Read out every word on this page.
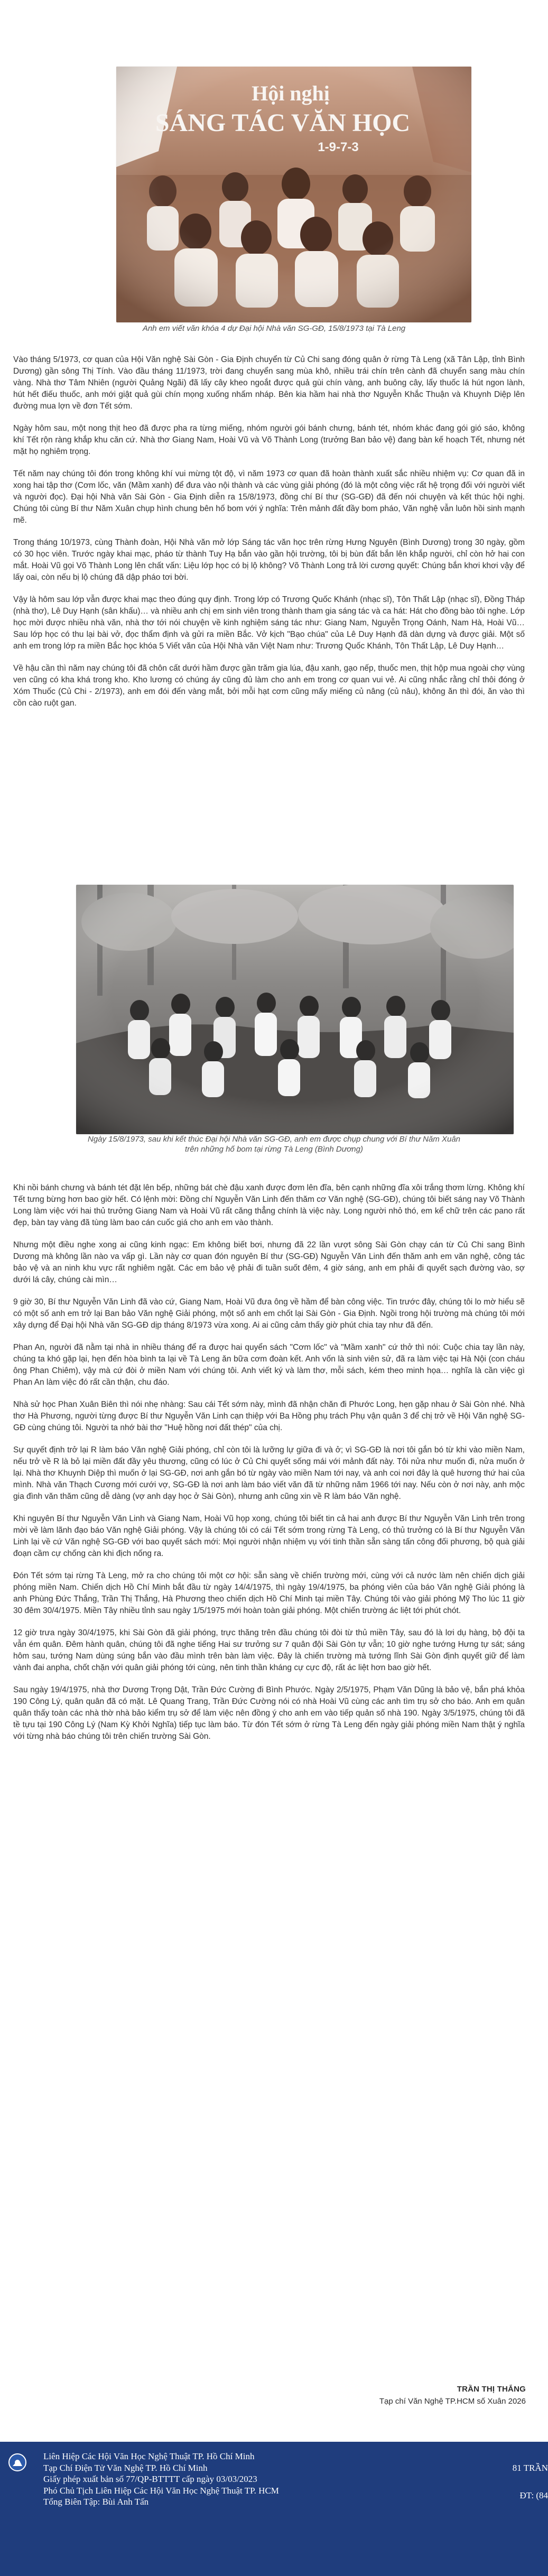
Anh em viết văn khóa 4 dự Đại hội Nhà văn SG-GĐ, 15/8/1973 tại Tà Leng

Vào tháng 5/1973, cơ quan của Hội Văn nghệ Sài Gòn - Gia Định chuyển từ Củ Chi sang đóng quân ở rừng Tà Leng (xã Tân Lập, tỉnh Bình Dương) gần sông Thị Tính. Vào đầu tháng 11/1973, trời đang chuyển sang mùa khô, nhiều trái chín trên cành đã chuyển sang màu chín vàng. Nhà thơ Tâm Nhiên (người Quảng Ngãi) đã lấy cây kheo ngoắt được quả gùi chín vàng, anh buông cây, lấy thuốc lá hút ngon lành, hút hết điếu thuốc, anh mới giật quả gùi chín mọng xuống nhấm nháp. Bên kia hầm hai nhà thơ Nguyễn Khắc Thuận và Khuynh Diệp lên đường mua lợn về đơn Tết sớm.

Ngày hôm sau, một nong thịt heo đã được pha ra từng miếng, nhóm người gói bánh chưng, bánh tét, nhóm khác đang gói gió sáo, không khí Tết rộn ràng khắp khu căn cứ. Nhà thơ Giang Nam, Hoài Vũ và Võ Thành Long (trưởng Ban bảo vệ) đang bàn kế hoạch Tết, nhưng nét mặt họ nghiêm trọng.

Tết năm nay chúng tôi đón trong không khí vui mừng tột độ, vì năm 1973 cơ quan đã hoàn thành xuất sắc nhiều nhiệm vụ: Cơ quan đã in xong hai tập thơ (Cơm lốc, văn (Mầm xanh) để đưa vào nội thành và các vùng giải phóng (đó là một công việc rất hệ trọng đối với người viết và người đọc). Đại hội Nhà văn Sài Gòn - Gia Định diễn ra 15/8/1973, đồng chí Bí thư (SG-GĐ) đã đến nói chuyện và kết thúc hội nghị. Chúng tôi cùng Bí thư Năm Xuân chụp hình chung bên hố bom với ý nghĩa: Trên mảnh đất đầy bom pháo, Văn nghệ vẫn luôn hồi sinh mạnh mẽ.

Trong tháng 10/1973, cùng Thành đoàn, Hội Nhà văn mở lớp Sáng tác văn học trên rừng Hưng Nguyên (Bình Dương) trong 30 ngày, gồm có 30 học viên. Trước ngày khai mạc, pháo từ thành Tuy Hạ bắn vào gần hội trường, tôi bị bùn đất bắn lên khắp người, chỉ còn hở hai con mắt. Hoài Vũ gọi Võ Thành Long lên chất vấn: Liệu lớp học có bị lộ không? Võ Thành Long trả lời cương quyết: Chúng bắn khơi khơi vậy để lấy oai, còn nếu bị lộ chúng đã dập pháo tơi bời.

Vậy là hôm sau lớp vẫn được khai mạc theo đúng quy định. Trong lớp có Trương Quốc Khánh (nhạc sĩ), Tôn Thất Lập (nhạc sĩ), Đồng Tháp (nhà thơ), Lê Duy Hạnh (sân khấu)… và nhiều anh chị em sinh viên trong thành tham gia sáng tác và ca hát: Hát cho đồng bào tôi nghe. Lớp học mời được nhiều nhà văn, nhà thơ tới nói chuyện về kinh nghiệm sáng tác như: Giang Nam, Nguyễn Trọng Oánh, Nam Hà, Hoài Vũ… Sau lớp học có thu lại bài vở, đọc thẩm định và gửi ra miền Bắc. Vở kịch "Bạo chúa" của Lê Duy Hạnh đã dàn dựng và được giải. Một số anh em trong lớp ra miền Bắc học khóa 5 Viết văn của Hội Nhà văn Việt Nam như: Trương Quốc Khánh, Tôn Thất Lập, Lê Duy Hạnh…

Về hậu cần thì năm nay chúng tôi đã chôn cất dưới hầm được gần trăm gia lúa, đậu xanh, gạo nếp, thuốc men, thịt hộp mua ngoài chợ vùng ven cũng có kha khá trong kho. Kho lương có chúng áy cũng đủ làm cho anh em trong cơ quan vui vẻ. Ai cũng nhắc rằng chỉ thôi đóng ở Xóm Thuốc (Củ Chi - 2/1973), anh em đói đến vàng mắt, bởi mỗi hạt cơm cũng mấy miếng củ nâng (củ nâu), không ăn thì đói, ăn vào thì cồn cào ruột gan.

Ngày 15/8/1973, sau khi kết thúc Đại hội Nhà văn SG-GĐ, anh em được chụp chung với Bí thư Năm Xuân
trên những hố bom tại rừng Tà Leng (Bình Dương)

Khi nồi bánh chưng và bánh tét đặt lên bếp, những bát chè đậu xanh được đơm lên đĩa, bên cạnh những đĩa xôi trắng thơm lừng. Không khí Tết tưng bừng hơn bao giờ hết. Có lệnh mời: Đồng chí Nguyễn Văn Linh đến thăm cơ Văn nghệ (SG-GĐ), chúng tôi biết sáng nay Võ Thành Long làm việc với hai thủ trưởng Giang Nam và Hoài Vũ rất căng thẳng chính là việc này. Long người nhỏ thó, em kể chữ trên các pano rất đẹp, bàn tay vàng đã tùng làm bao cán cuốc giá cho anh em vào thành.

Nhưng một điều nghe xong ai cũng kinh ngạc: Em không biết bơi, nhưng đã 22 lần vượt sông Sài Gòn chạy cán từ Củ Chi sang Bình Dương mà không lần nào va vấp gì. Lần này cơ quan đón nguyên Bí thư (SG-GĐ) Nguyễn Văn Linh đến thăm anh em văn nghệ, công tác bảo vệ và an ninh khu vực rất nghiêm ngặt. Các em bảo vệ phải đi tuần suốt đêm, 4 giờ sáng, anh em phải đi quyết sạch đường vào, sợ dưới lá cây, chúng cài mìn…

9 giờ 30, Bí thư Nguyễn Văn Linh đã vào cứ, Giang Nam, Hoài Vũ đưa ông về hầm để bàn công việc. Tin trước đây, chúng tôi lo mờ hiểu sẽ có một số anh em trở lại Ban bảo Văn nghệ Giải phóng, một số anh em chốt lại Sài Gòn - Gia Định. Ngồi trong hội trường mà chúng tôi mới xây dựng để Đại hội Nhà văn SG-GĐ dịp tháng 8/1973 vừa xong. Ai ai cũng cảm thấy giờ phút chia tay như đã đến.

Phan An, người đã nằm tại nhà in nhiều tháng để ra được hai quyển sách "Cơm lốc" và "Mầm xanh" cứ thở thì nói: Cuộc chia tay lần này, chúng ta khó gặp lại, hẹn đến hòa bình ta lại về Tà Leng ăn bữa cơm đoàn kết. Anh vốn là sinh viên sử, đã ra làm việc tại Hà Nội (con cháu ông Phan Chiêm), vậy mà cứ đòi ở miền Nam với chúng tôi. Anh viết ký và làm thơ, mỗi sách, kém theo minh họa… nghĩa là cần việc gì Phan An làm việc đó rất cần thận, chu đáo.

Nhà sử học Phan Xuân Biên thì nói nhẹ nhàng: Sau cái Tết sớm này, mình đã nhận chăn đi Phước Long, hẹn gặp nhau ở Sài Gòn nhé. Nhà thơ Hà Phương, người từng được Bí thư Nguyễn Văn Linh cạn thiệp với Ba Hồng phụ trách Phụ vận quân 3 để chị trở về Hội Văn nghệ SG-GĐ cùng chúng tôi. Người ta nhớ bài thơ "Huệ hồng nơi đất thép" của chị.

Sự quyết định trở lại R làm báo Văn nghệ Giải phóng, chỉ còn tôi là lưỡng lự giữa đi và ở; vì SG-GĐ là nơi tôi gắn bó từ khi vào miền Nam, nếu trở về R là bỏ lại miền đất đầy yêu thương, cũng có lúc ở Củ Chi quyết sống mái với mảnh đất này. Tôi nửa như muốn đi, nửa muốn ở lại. Nhà thơ Khuynh Diệp thì muốn ở lại SG-GĐ, nơi anh gắn bó từ ngày vào miền Nam tới nay, và anh coi nơi đây là quê hương thứ hai của mình. Nhà văn Thạch Cương mới cưới vợ, SG-GĐ là nơi anh làm báo viết văn đã từ những năm 1966 tới nay. Nếu còn ở nơi này, anh mộc gia đình văn thăm cũng dễ dàng (vợ anh dạy học ở Sài Gòn), nhưng anh cũng xin về R làm báo Văn nghệ.

Khi nguyên Bí thư Nguyễn Văn Linh và Giang Nam, Hoài Vũ họp xong, chúng tôi biết tin cả hai anh được Bí thư Nguyễn Văn Linh trên trong mời về làm lãnh đạo báo Văn nghệ Giải phóng. Vậy là chúng tôi có cái Tết sớm trong rừng Tà Leng, có thủ trưởng có là Bí thư Nguyễn Văn Linh lại về cứ Văn nghệ SG-GĐ với bao quyết sách mới: Mọi người nhận nhiệm vụ với tinh thần sẵn sàng tấn công đối phương, bộ quà giải đoạn cầm cự chống càn khi địch nống ra.

Đón Tết sớm tại rừng Tà Leng, mở ra cho chúng tôi một cơ hội: sẵn sàng về chiến trường mới, cùng với cả nước làm nên chiến dịch giải phóng miền Nam. Chiến dịch Hồ Chí Minh bắt đầu từ ngày 14/4/1975, thì ngày 19/4/1975, ba phóng viên của báo Văn nghệ Giải phóng là anh Phùng Đức Thắng, Trần Thị Thắng, Hà Phương theo chiến dịch Hồ Chí Minh tại miền Tây. Chúng tôi vào giải phóng Mỹ Tho lúc 11 giờ 30 đêm 30/4/1975. Miền Tây nhiều tỉnh sau ngày 1/5/1975 mới hoàn toàn giải phóng. Một chiến trường ác liệt tới phút chót.

12 giờ trưa ngày 30/4/1975, khi Sài Gòn đã giải phóng, trực thăng trên đầu chúng tôi đòi từ thủ miền Tây, sau đó là lơi dụ hàng, bộ đội ta vẫn ém quân. Đêm hành quân, chúng tôi đã nghe tiếng Hai sư trưởng sư 7 quân đội Sài Gòn tự vẫn; 10 giờ nghe tướng Hưng tự sát; sáng hôm sau, tướng Nam dùng súng bắn vào đầu mình trên bàn làm việc. Đây là chiến trường mà tướng lĩnh Sài Gòn định quyết giữ để làm vành đai anpha, chốt chặn với quân giải phóng tới cùng, nên tinh thần kháng cự cực độ, rất ác liệt hơn bao giờ hết.

Sau ngày 19/4/1975, nhà thơ Dương Trọng Dật, Trần Đức Cường đi Bình Phước. Ngày 2/5/1975, Phạm Văn Dũng là bảo vệ, bắn phá khỏa 190 Công Lý, quân quân đã có mặt. Lê Quang Trang, Trần Đức Cường nói có nhà Hoài Vũ cùng các anh tìm trụ sở cho báo. Anh em quân quân thấy toàn các nhà thờ nhà bảo kiểm trụ sở để làm việc nên đồng ý cho anh em vào tiếp quản số nhà 190. Ngày 3/5/1975, chúng tôi đã tề tựu tại 190 Công Lý (Nam Kỳ Khởi Nghĩa) tiếp tục làm báo. Từ đón Tết sớm ở rừng Tà Leng đến ngày giải phóng miền Nam thật ý nghĩa với từng nhà báo chúng tôi trên chiến trường Sài Gòn.

TRẦN THỊ THẮNG

Tạp chí Văn Nghệ TP.HCM số Xuân 2026

Liên Hiệp Các Hội Văn Học Nghệ Thuật TP. Hồ Chí Minh

Tạp Chí Điện Tử Văn Nghệ TP. Hồ Chí Minh

Giấy phép xuất bản số 77/QP-BTTTT cấp ngày 03/03/2023

Phó Chủ Tịch Liên Hiệp Các Hội Văn Học Nghệ Thuật TP. HCM

Tổng Biên Tập: Bùi Anh Tấn

81 TRẦN

ĐT: (84
